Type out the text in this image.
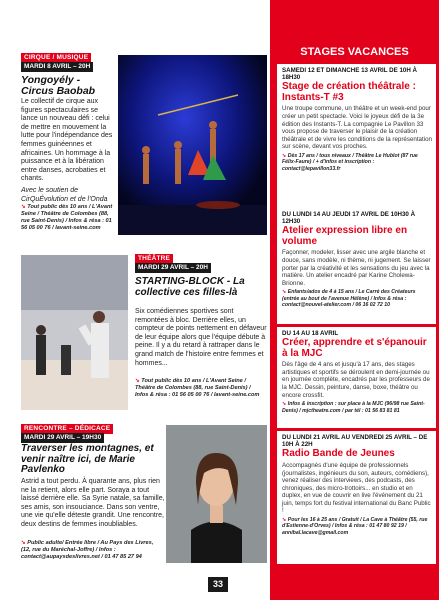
CIRQUE / MUSIQUE
MARDI 8 AVRIL – 20H
Yongoyély - Circus Baobab
Le collectif de cirque aux figures spectaculaires se lance un nouveau défi : celui de mettre en mouvement la lutte pour l'indépendance des femmes guinéennes et africaines. Un hommage à la puissance et à la libération entre danses, acrobaties et chants.
Avec le soutien de CirQuÉvolution et de l'Onda
➘ Tout public dès 10 ans / L'Avant Seine / Théâtre de Colombes (88, rue Saint-Denis) / Infos & résa : 01 56 05 00 76 / lavant-seine.com
THÉÂTRE
MARDI 29 AVRIL – 20H
STARTING-BLOCK - La collective ces filles-là
Six comédiennes sportives sont remontées à bloc. Derrière elles, un compteur de points nettement en défaveur de leur équipe alors que l'équipe débute à peine. Il y a du retard à rattraper dans le grand match de l'histoire entre femmes et hommes...
➘ Tout public dès 10 ans / L'Avant Seine / Théâtre de Colombes (88, rue Saint-Denis) / Infos & résa : 01 56 05 00 76 / lavant-seine.com
RENCONTRE – DÉDICACE
MARDI 29 AVRIL – 19H30
Traverser les montagnes, et venir naître ici, de Marie Pavlenko
Astrid a tout perdu. À quarante ans, plus rien ne la retient, alors elle part. Soraya a tout laissé derrière elle. Sa Syrie natale, sa famille, ses amis, son insouciance. Dans son ventre, une vie qu'elle déteste grandit. Une rencontre, deux destins de femmes inoubliables.
➘ Public adulte/ Entrée libre / Au Pays des Livres, (12, rue du Maréchal-Joffre) / Infos : contact@aupaysdeslivres.net / 01 47 85 27 94
STAGES VACANCES
SAMEDI 12 ET DIMANCHE 13 AVRIL DE 10H À 18H30
Stage de création théâtrale : Instants-T #3
Une troupe commune, un théâtre et un week-end pour créer un petit spectacle. Voici le joyeux défi de la 3e édition des Instants-T. La compagnie Le Pavillon 33 vous propose de traverser le plaisir de la création théâtrale et de vivre les conditions de la représentation sur scène, devant vos proches.
➘ Dès 17 ans / tous niveaux / Théâtre Le Hublot (87 rue Félix-Faure) / + d'infos et inscription : contact@lepavillon33.fr
DU LUNDI 14 AU JEUDI 17 AVRIL DE 10H30 À 12H30
Atelier expression libre en volume
Façonner, modeler, lisser avec une argile blanche et douce, sans modèle, ni thème, ni jugement. Se laisser porter par la créativité et les sensations du jeu avec la matière. Un atelier encadré par Karine Cholewa-Brionne.
➘ Enfants/ados de 4 à 15 ans / Le Carré des Créateurs (entrée au bout de l'avenue Hélène) / Infos & résa : contact@nouvel-atelier.com / 06 16 02 72 10
DU 14 AU 18 AVRIL
Créer, apprendre et s'épanouir à la MJC
Dès l'âge de 4 ans et jusqu'à 17 ans, des stages artistiques et sportifs se déroulent en demi-journée ou en journée complète, encadrés par les professeurs de la MJC. Dessin, peinture, danse, boxe, théâtre ou encore crossfit.
➘ Infos & inscription : sur place à la MJC (96/98 rue Saint-Denis) / mjctheatre.com / par tél : 01 56 83 81 81
DU LUNDI 21 AVRIL AU VENDREDI 25 AVRIL – DE 10H À 22H
Radio Bande de Jeunes
Accompagnés d'une équipe de professionnels (journalistes, ingénieurs du son, auteurs, comédiens), venez réaliser des interviews, des podcasts, des chroniques, des micro-trottoirs... en studio et en duplex, en vue de couvrir en live l'événement du 21 juin, temps fort du festival international du Banc Public !
➘ Pour les 16 à 25 ans / Gratuit / La Cave à Théâtre (55, rue d'Estienne-d'Orves) / Infos & résa : 01 47 80 92 19 / annibal.lacave@gmail.com
33
